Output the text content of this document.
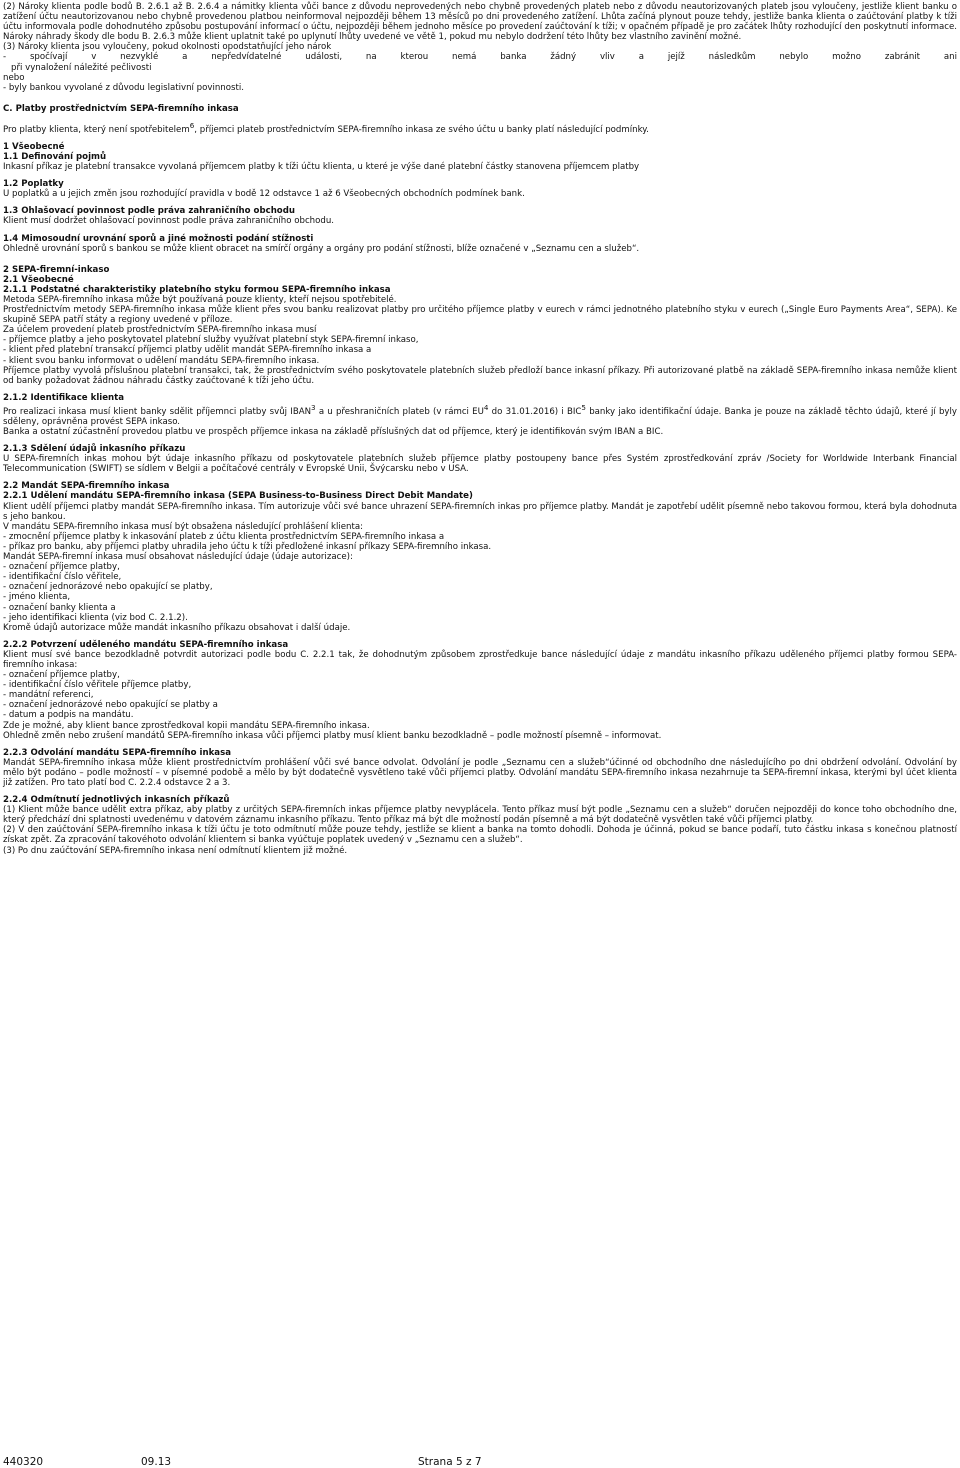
(2) Nároky klienta podle bodů B. 2.6.1 až B. 2.6.4 a námitky klienta vůči bance z důvodu neprovedených nebo chybně provedených plateb nebo z důvodu neautorizovaných plateb jsou vyloučeny, jestliže klient banku o zatížení účtu neautorizovanou nebo chybně provedenou platbou neinformoval nejpozději během 13 měsíců po dni provedeného zatížení. Lhůta začíná plynout pouze tehdy, jestliže banka klienta o zaúčtování platby k tíži účtu informovala podle dohodnutého způsobu postupování informací o účtu, nejpozději během jednoho měsíce po provedení zaúčtování k tíži; v opačném případě je pro začátek lhůty rozhodující den poskytnutí informace. Nároky náhrady škody dle bodu B. 2.6.3 může klient uplatnit také po uplynutí lhůty uvedené ve větě 1, pokud mu nebylo dodržení této lhůty bez vlastního zavinění možné.

(3) Nároky klienta jsou vyloučeny, pokud okolnosti opodstatňující jeho nárok

- spočívají v nezvyklé a nepředvídatelné události, na kterou nemá banka žádný vliv a jejíž následkům nebylo možno zabránit ani

při vynaložení náležité pečlivosti

nebo

- byly bankou vyvolané z důvodu legislativní povinnosti.

C. Platby prostřednictvím SEPA-firemního inkasa

Pro platby klienta, který není spotřebitelem$^6$, příjemci plateb prostřednictvím SEPA-firemního inkasa ze svého účtu u banky platí následující podmínky.

1 Všeobecné
1.1 Definování pojmů

Inkasní příkaz je platební transakce vyvolaná příjemcem platby k tíži účtu klienta, u které je výše dané platební částky stanovena příjemcem platby

1.2 Poplatky

U poplatků a u jejich změn jsou rozhodující pravidla v bodě 12 odstavce 1 až 6 Všeobecných obchodních podmínek bank.

1.3 Ohlašovací povinnost podle práva zahraničního obchodu

Klient musí dodržet ohlašovací povinnost podle práva zahraničního obchodu.

1.4 Mimosoudní urovnání sporů a jiné možnosti podání stížnosti

Ohledně urovnání sporů s bankou se může klient obracet na smírčí orgány a orgány pro podání stížnosti, blíže označené v „Seznamu cen a služeb“.

2 SEPA-firemní-inkaso
2.1 Všeobecné
2.1.1 Podstatné charakteristiky platebního styku formou SEPA-firemního inkasa

Metoda SEPA-firemního inkasa může být používaná pouze klienty, kteří nejsou spotřebitelé.

Prostřednictvím metody SEPA-firemního inkasa může klient přes svou banku realizovat platby pro určitého příjemce platby v eurech v rámci jednotného platebního styku v eurech („Single Euro Payments Area“, SEPA). Ke skupině SEPA patří státy a regiony uvedené v příloze.

Za účelem provedení plateb prostřednictvím SEPA-firemního inkasa musí

- příjemce platby a jeho poskytovatel platební služby využívat platební styk SEPA-firemní inkaso,

- klient před platební transakcí příjemci platby udělit mandát SEPA-firemního inkasa a

- klient svou banku informovat o udělení mandátu SEPA-firemního inkasa.

Příjemce platby vyvolá příslušnou platební transakci, tak, že prostřednictvím svého poskytovatele platebních služeb předloží bance inkasní příkazy. Při autorizované platbě na základě SEPA-firemního inkasa nemůže klient od banky požadovat žádnou náhradu částky zaúčtované k tíži jeho účtu.

2.1.2 Identifikace klienta

Pro realizaci inkasa musí klient banky sdělit příjemnci platby svůj IBAN$^3$ a u přeshraničních plateb (v rámci $EU^4$ do 31.01.2016) i BIC$^5$ banky jako identifikační údaje. Banka je pouze na základě těchto údajů, které jí byly sděleny, oprávněna provést SEPA inkaso.

Banka a ostatní zúčastnění provedou platbu ve prospěch příjemce inkasa na základě příslušných dat od příjemce, který je identifikován svým IBAN a BIC.

2.1.3 Sdělení údajů inkasního příkazu

U SEPA-firemních inkas mohou být údaje inkasního příkazu od poskytovatele platebních služeb příjemce platby postoupeny bance přes Systém zprostředkování zpráv /Society for Worldwide Interbank Financial Telecommunication (SWIFT) se sídlem v Belgii a počítačové centrály v Evropské Unii, Švýcarsku nebo v USA.

2.2 Mandát SEPA-firemního inkasa
2.2.1 Udělení mandátu SEPA-firemního inkasa (SEPA Business-to-Business Direct Debit Mandate)

Klient udělí příjemci platby mandát SEPA-firemního inkasa. Tím autorizuje vůči své bance uhrazení SEPA-firemních inkas pro příjemce platby. Mandát je zapotřebí udělit písemně nebo takovou formou, která byla dohodnuta s jeho bankou.

V mandátu SEPA-firemního inkasa musí být obsažena následující prohlášení klienta:

- zmocnění příjemce platby k inkasování plateb z účtu klienta prostřednictvím SEPA-firemního inkasa a

- příkaz pro banku, aby příjemci platby uhradila jeho účtu k tíži předložené inkasní příkazy SEPA-firemního inkasa.

Mandát SEPA-firemní inkasa musí obsahovat následující údaje (údaje autorizace):

- označení příjemce platby,

- identifikační číslo věřitele,

- označení jednorázové nebo opakující se platby,

- jméno klienta,

- označení banky klienta a

- jeho identifikaci klienta (viz bod C. 2.1.2).

Kromě údajů autorizace může mandát inkasního příkazu obsahovat i další údaje.

2.2.2 Potvrzení uděleného mandátu SEPA-firemního inkasa

Klient musí své bance bezodkladně potvrdit autorizaci podle bodu C. 2.2.1 tak, že dohodnutým způsobem zprostředkuje bance následující údaje z mandátu inkasního příkazu uděleného příjemci platby formou SEPA-firemního inkasa:

- označení příjemce platby,

- identifikační číslo věřitele příjemce platby,

- mandátní referenci,

- označení jednorázové nebo opakující se platby a

- datum a podpis na mandátu.

Zde je možné, aby klient bance zprostředkoval kopii mandátu SEPA-firemního inkasa.

Ohledně změn nebo zrušení mandátů SEPA-firemního inkasa vůči příjemci platby musí klient banku bezodkladně – podle možností písemně – informovat.

2.2.3 Odvolání mandátu SEPA-firemního inkasa

Mandát SEPA-firemního inkasa může klient prostřednictvím prohlášení vůči své bance odvolat. Odvolání je podle „Seznamu cen a služeb“účinné od obchodního dne následujícího po dni obdržení odvolání. Odvolání by mělo být podáno – podle možností – v písemné podobě a mělo by být dodatečně vysvětleno také vůči příjemci platby. Odvolání mandátu SEPA-firemního inkasa nezahrnuje ta SEPA-firemní inkasa, kterými byl účet klienta již zatížen. Pro tato platí bod C. 2.2.4 odstavce 2 a 3.

2.2.4 Odmítnutí jednotlivých inkasních příkazů

(1) Klient může bance udělit extra příkaz, aby platby z určitých SEPA-firemních inkas příjemce platby nevyplácela. Tento příkaz musí být podle „Seznamu cen a služeb“ doručen nejpozději do konce toho obchodního dne, který předchází dni splatnosti uvedenému v datovém záznamu inkasního příkazu. Tento příkaz má být dle možností podán písemně a má být dodatečně vysvětlen také vůči příjemci platby.

(2) V den zaúčtování SEPA-firemního inkasa k tíži účtu je toto odmítnutí může pouze tehdy, jestliže se klient a banka na tomto dohodli. Dohoda je účinná, pokud se bance podaří, tuto částku inkasa s konečnou platností získat zpět. Za zpracování takovéhoto odvolání klientem si banka vyúčtuje poplatek uvedený v „Seznamu cen a služeb“.

(3) Po dnu zaúčtování SEPA-firemního inkasa není odmítnutí klientem již možné.

440320	09.13	Strana 5 z 7
